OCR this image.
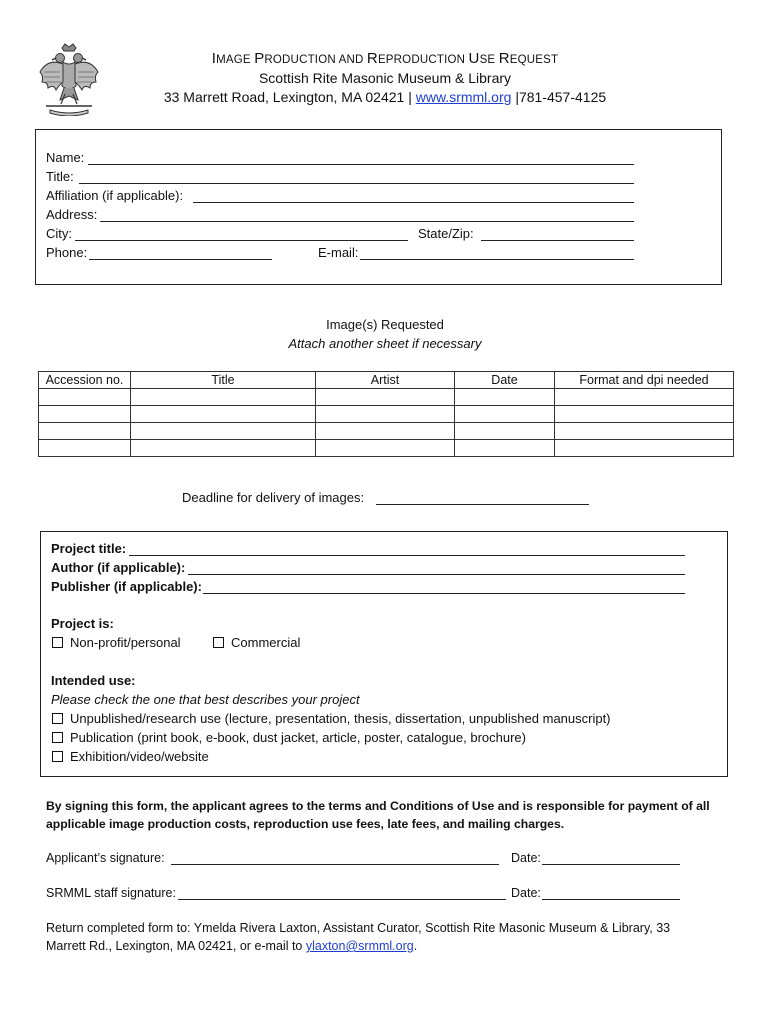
IMAGE PRODUCTION AND REPRODUCTION USE REQUEST
Scottish Rite Masonic Museum & Library
33 Marrett Road, Lexington, MA 02421 | www.srmml.org |781-457-4125
Name:
Title:
Affiliation (if applicable):
Address:
City:	State/Zip:
Phone:	E-mail:
Image(s) Requested
Attach another sheet if necessary
Accession no.	Title	Artist	Date	Format and dpi needed

Deadline for delivery of images:
Project title:
Author (if applicable):
Publisher (if applicable):
Project is:
Non-profit/personal	Commercial
Intended use:
Please check the one that best describes your project
Unpublished/research use (lecture, presentation, thesis, dissertation, unpublished manuscript)
Publication (print book, e-book, dust jacket, article, poster, catalogue, brochure)
Exhibition/video/website
By signing this form, the applicant agrees to the terms and Conditions of Use and is responsible for payment of all
applicable image production costs, reproduction use fees, late fees, and mailing charges.
Applicant’s signature:	Date:
SRMML staff signature:	Date:
Return completed form to: Ymelda Rivera Laxton, Assistant Curator, Scottish Rite Masonic Museum & Library, 33
Marrett Rd., Lexington, MA 02421, or e-mail to ylaxton@srmml.org.
